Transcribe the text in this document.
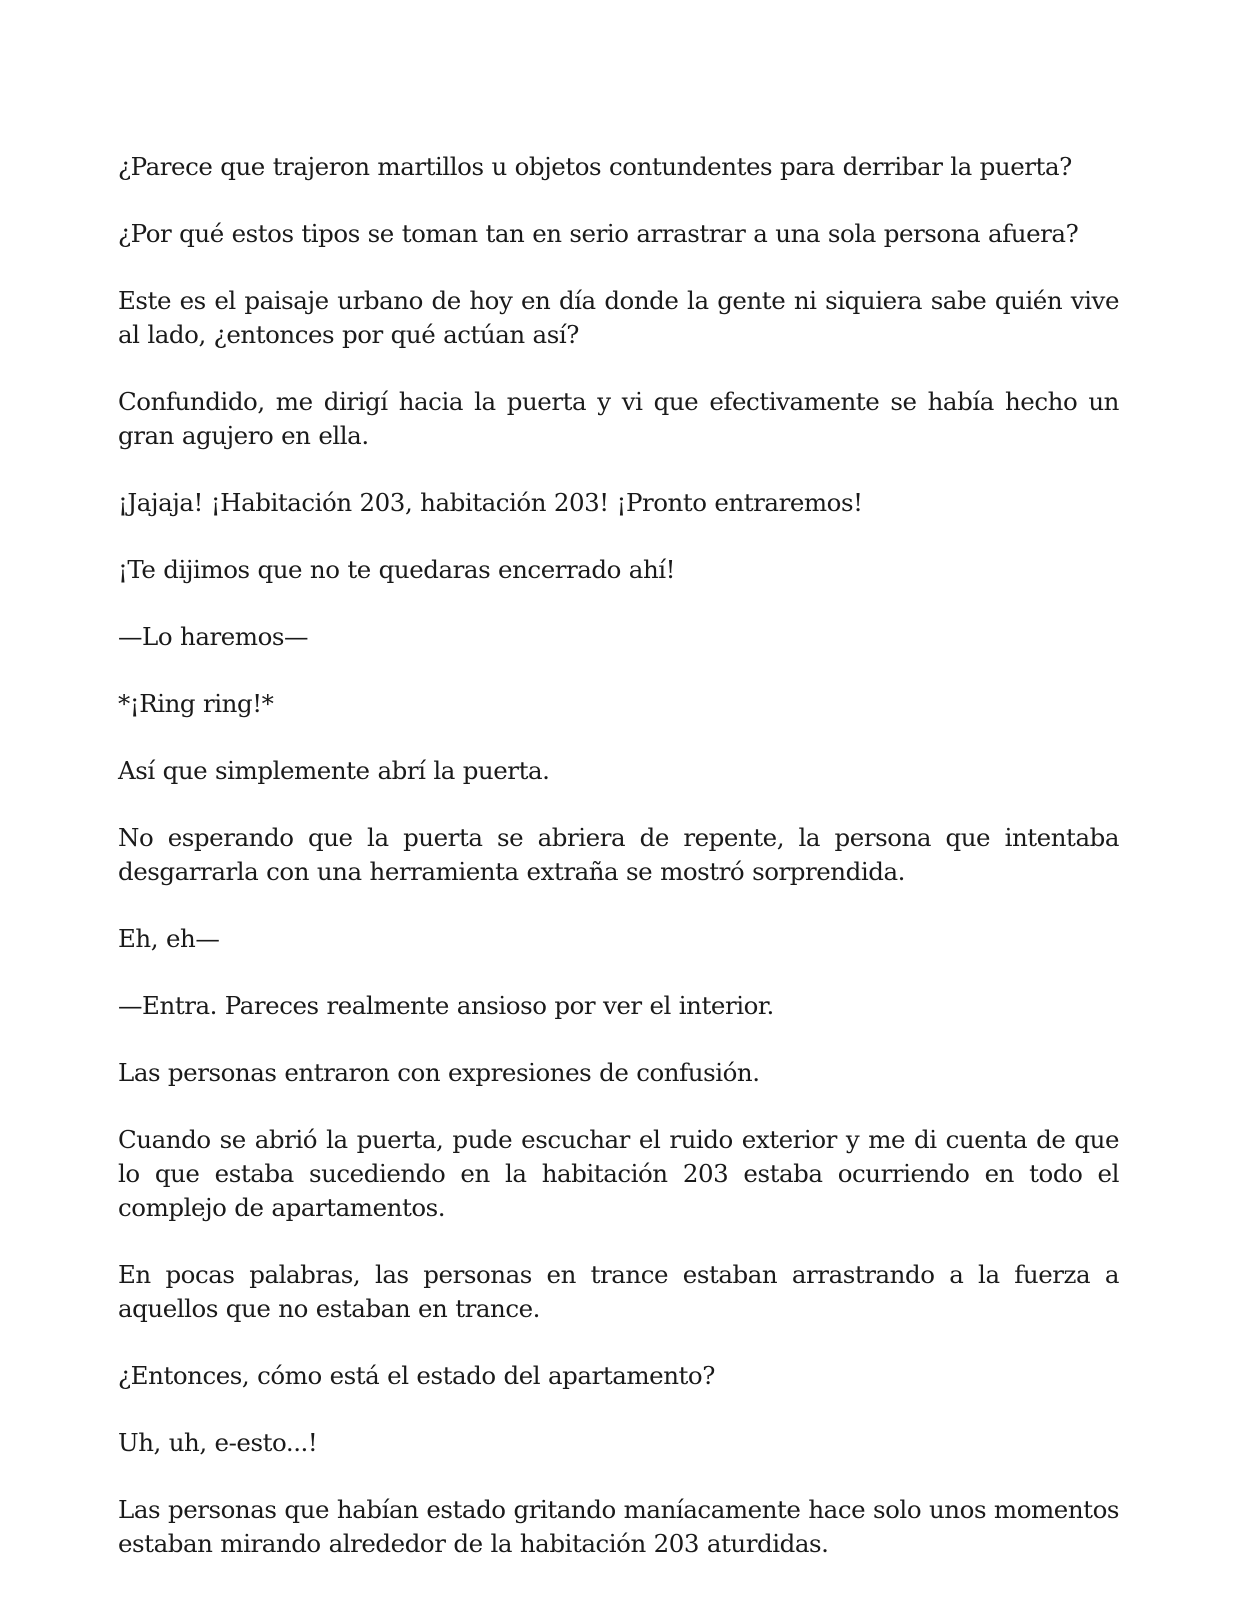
¿Parece que trajeron martillos u objetos contundentes para derribar la puerta?

¿Por qué estos tipos se toman tan en serio arrastrar a una sola persona afuera?

Este es el paisaje urbano de hoy en día donde la gente ni siquiera sabe quién vive al lado, ¿entonces por qué actúan así?

Confundido, me dirigí hacia la puerta y vi que efectivamente se había hecho un gran agujero en ella.

¡Jajaja! ¡Habitación 203, habitación 203! ¡Pronto entraremos!

¡Te dijimos que no te quedaras encerrado ahí!

—Lo haremos—

*¡Ring ring!*

Así que simplemente abrí la puerta.

No esperando que la puerta se abriera de repente, la persona que intentaba desgarrarla con una herramienta extraña se mostró sorprendida.

Eh, eh—

—Entra. Pareces realmente ansioso por ver el interior.

Las personas entraron con expresiones de confusión.

Cuando se abrió la puerta, pude escuchar el ruido exterior y me di cuenta de que lo que estaba sucediendo en la habitación 203 estaba ocurriendo en todo el complejo de apartamentos.

En pocas palabras, las personas en trance estaban arrastrando a la fuerza a aquellos que no estaban en trance.

¿Entonces, cómo está el estado del apartamento?

Uh, uh, e-esto...!

Las personas que habían estado gritando maníacamente hace solo unos momentos estaban mirando alrededor de la habitación 203 aturdidas.
